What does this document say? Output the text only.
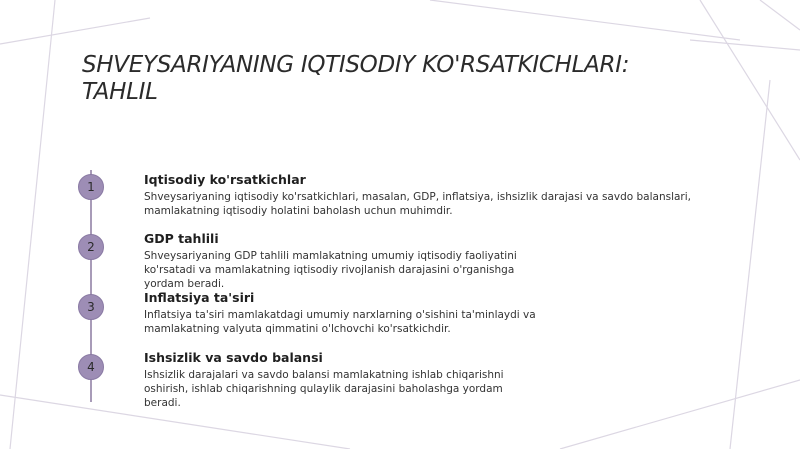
SHVEYSARIYANING IQTISODIY KO'RSATKICHLARI: TAHLIL
1	Iqtisodiy ko'rsatkichlar

Shveysariyaning iqtisodiy ko'rsatkichlari, masalan, GDP, inflatsiya, ishsizlik darajasi va savdo balanslari, mamlakatning iqtisodiy holatini baholash uchun muhimdir.

2

GDP tahlili

Shveysariyaning GDP tahlili mamlakatning umumiy iqtisodiy faoliyatini ko'rsatadi va mamlakatning iqtisodiy rivojlanish darajasini o'rganishga yordam beradi.

3

Inflatsiya ta'siri

Inflatsiya ta'siri mamlakatdagi umumiy narxlarning o'sishini ta'minlaydi va mamlakatning valyuta qimmatini o'lchovchi ko'rsatkichdir.

4

Ishsizlik va savdo balansi

Ishsizlik darajalari va savdo balansi mamlakatning ishlab chiqarishni oshirish, ishlab chiqarishning qulaylik darajasini baholashga yordam beradi.
